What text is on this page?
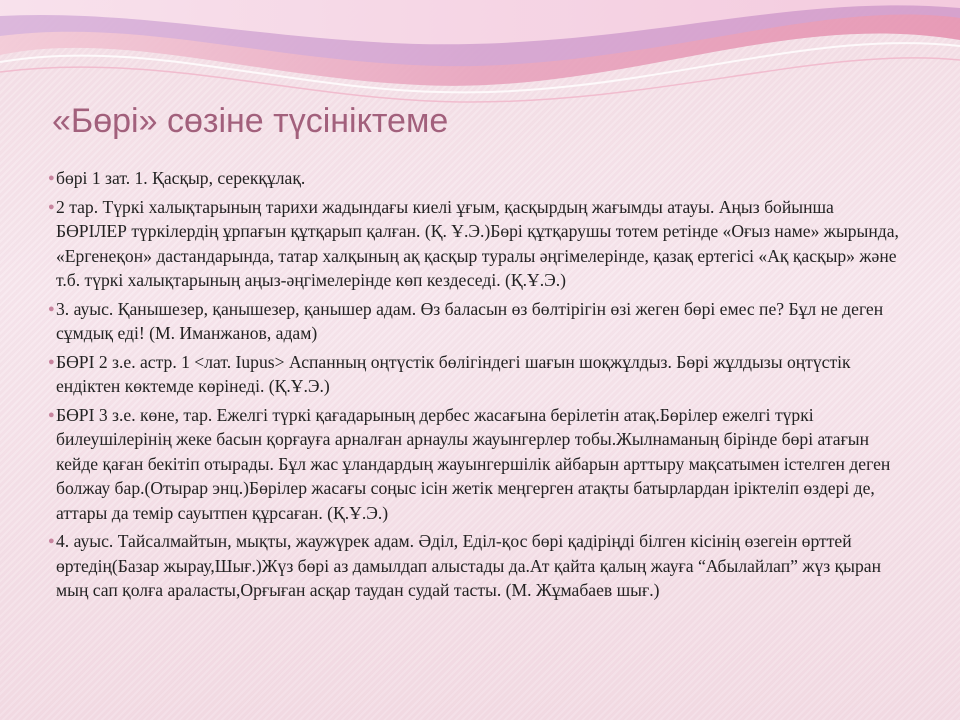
«Бөрі» сөзіне түсініктеме
● бөрі 1 зат. 1. Қасқыр, серекқұлақ.
● 2 тар. Түркі халықтарының тарихи жадындағы киелі ұғым, қасқырдың жағымды атауы. Аңыз бойынша БӨРІЛЕР түркілердің ұрпағын құтқарып қалған. (Қ. Ұ.Э.)Бөрі құтқарушы тотем ретінде «Оғыз наме» жырында, «Ергенеқон» дастандарында, татар халқының ақ қасқыр туралы әңгімелерінде, қазақ ертегісі «Ақ қасқыр» және т.б. түркі халықтарының аңыз-әңгімелерінде көп кездеседі. (Қ.Ұ.Э.)
● 3. ауыс. Қанышезер, қанышезер, қанышер адам. Өз баласын өз бөлтірігін өзі жеген бөрі емес пе? Бұл не деген сұмдық еді! (М. Иманжанов, адам)
● БӨРІ 2 з.е. астр. 1 <лат. Iupus> Аспанның оңтүстік бөлігіндегі шағын шоқжұлдыз. Бөрі жұлдызы оңтүстік ендіктен көктемде көрінеді. (Қ.Ұ.Э.)
● БӨРІ 3 з.е. көне, тар. Ежелгі түркі қағадарының дербес жасағына берілетін атақ.Бөрілер ежелгі түркі билеушілерінің жеке басын қорғауға арналған арнаулы жауынгерлер тобы.Жылнаманың бірінде бөрі атағын кейде қаған бекітіп отырады. Бұл жас ұландардың жауынгершілік айбарын арттыру мақсатымен істелген деген болжау бар.(Отырар энц.)Бөрілер жасағы соңыс ісін жетік меңгерген атақты батырлардан іріктеліп өздері де, аттары да темір сауытпен құрсаған. (Қ.Ұ.Э.)
● 4. ауыс. Тайсалмайтын, мықты, жаужүрек адам. Әділ, Еділ-қос бөрі қадіріңді білген кісінің өзегеін өрттей өртедің(Базар жырау,Шығ.)Жүз бөрі аз дамылдап алыстады да.Ат қайта қалың жауға “Абылайлап” жүз қыран мың сап қолға араласты,Орғыған асқар таудан судай тасты. (М. Жұмабаев шығ.)
